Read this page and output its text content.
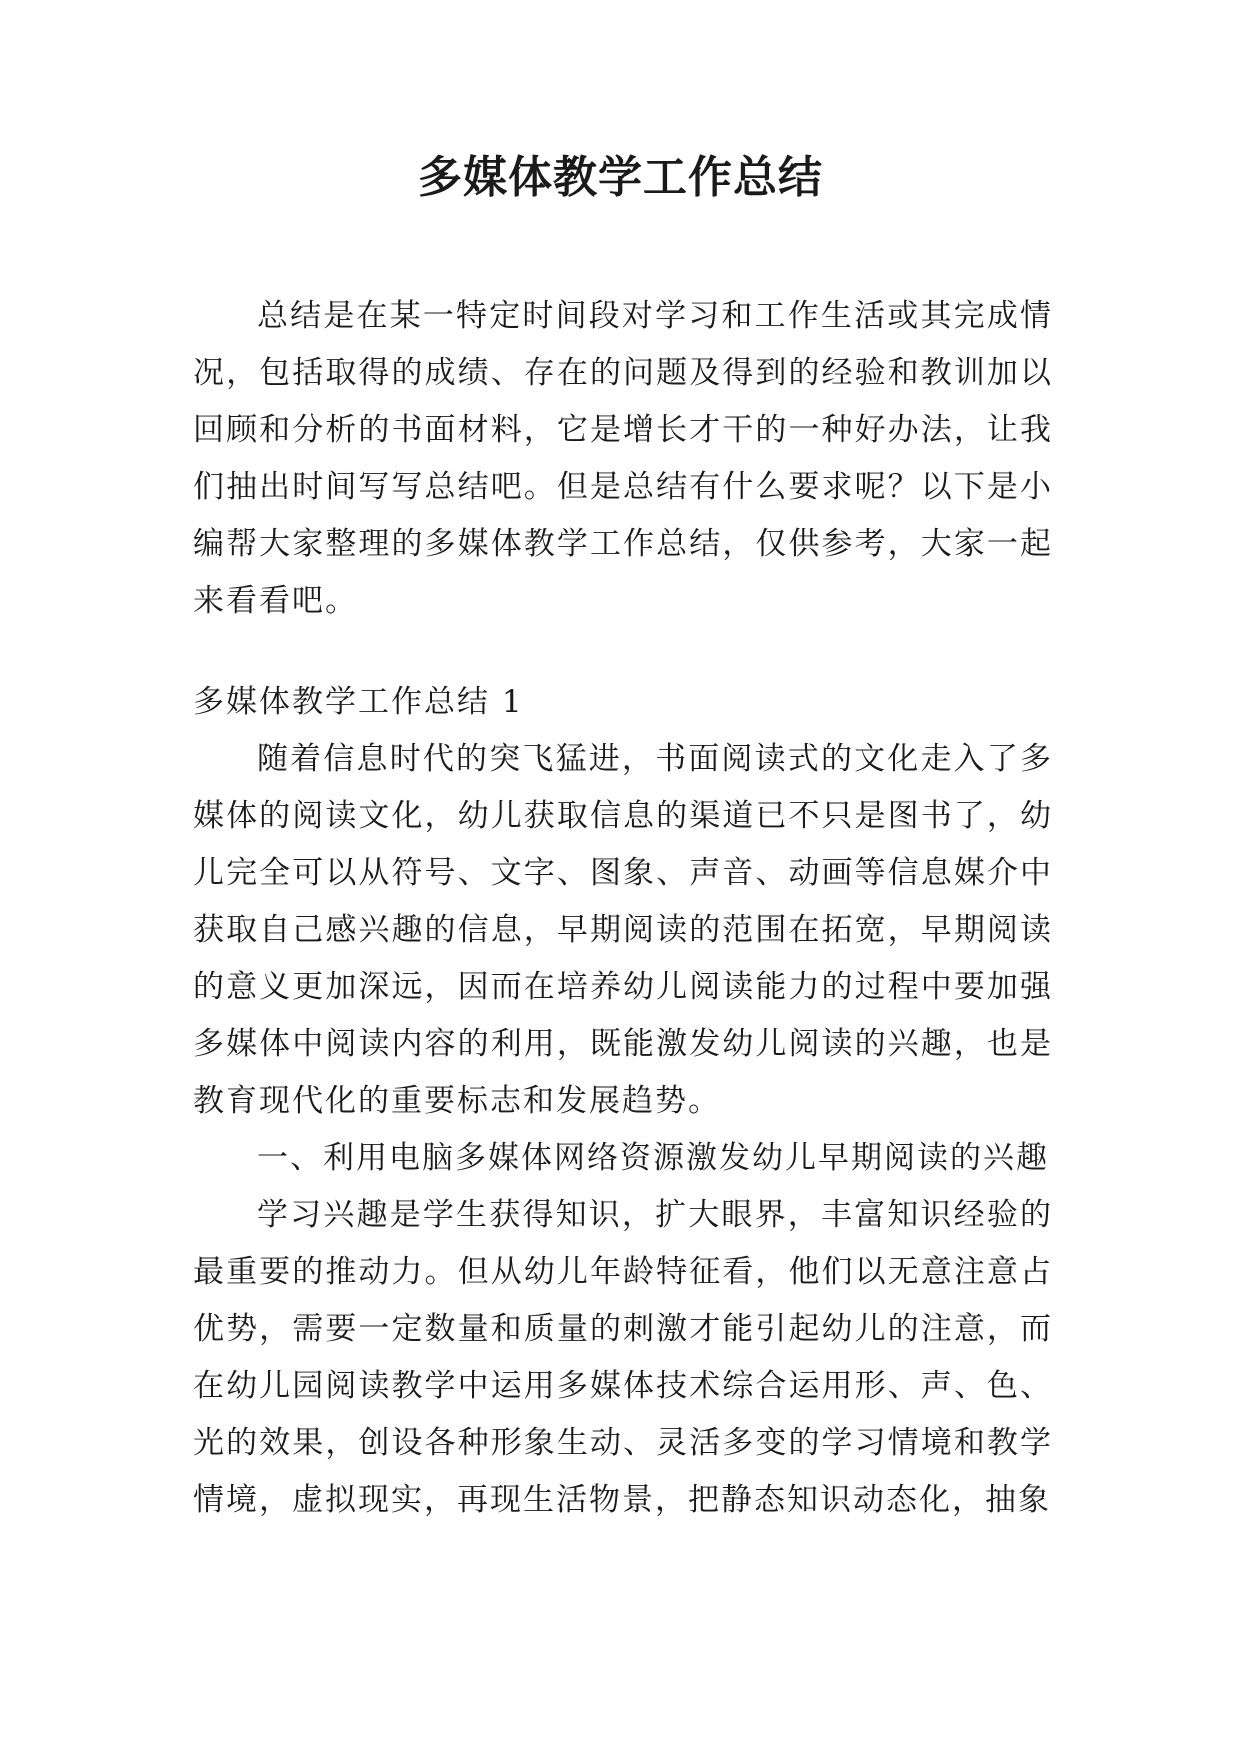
多媒体教学工作总结

总结是在某一特定时间段对学习和工作生活或其完成情况，包括取得的成绩、存在的问题及得到的经验和教训加以回顾和分析的书面材料，它是增长才干的一种好办法，让我们抽出时间写写总结吧。但是总结有什么要求呢？以下是小编帮大家整理的多媒体教学工作总结，仅供参考，大家一起来看看吧。

多媒体教学工作总结 1

随着信息时代的突飞猛进，书面阅读式的文化走入了多媒体的阅读文化，幼儿获取信息的渠道已不只是图书了，幼儿完全可以从符号、文字、图象、声音、动画等信息媒介中获取自己感兴趣的信息，早期阅读的范围在拓宽，早期阅读的意义更加深远，因而在培养幼儿阅读能力的过程中要加强多媒体中阅读内容的利用，既能激发幼儿阅读的兴趣，也是教育现代化的重要标志和发展趋势。

一、利用电脑多媒体网络资源激发幼儿早期阅读的兴趣

学习兴趣是学生获得知识，扩大眼界，丰富知识经验的最重要的推动力。但从幼儿年龄特征看，他们以无意注意占优势，需要一定数量和质量的刺激才能引起幼儿的注意，而在幼儿园阅读教学中运用多媒体技术综合运用形、声、色、光的效果，创设各种形象生动、灵活多变的学习情境和教学情境，虚拟现实，再现生活物景，把静态知识动态化，抽象
